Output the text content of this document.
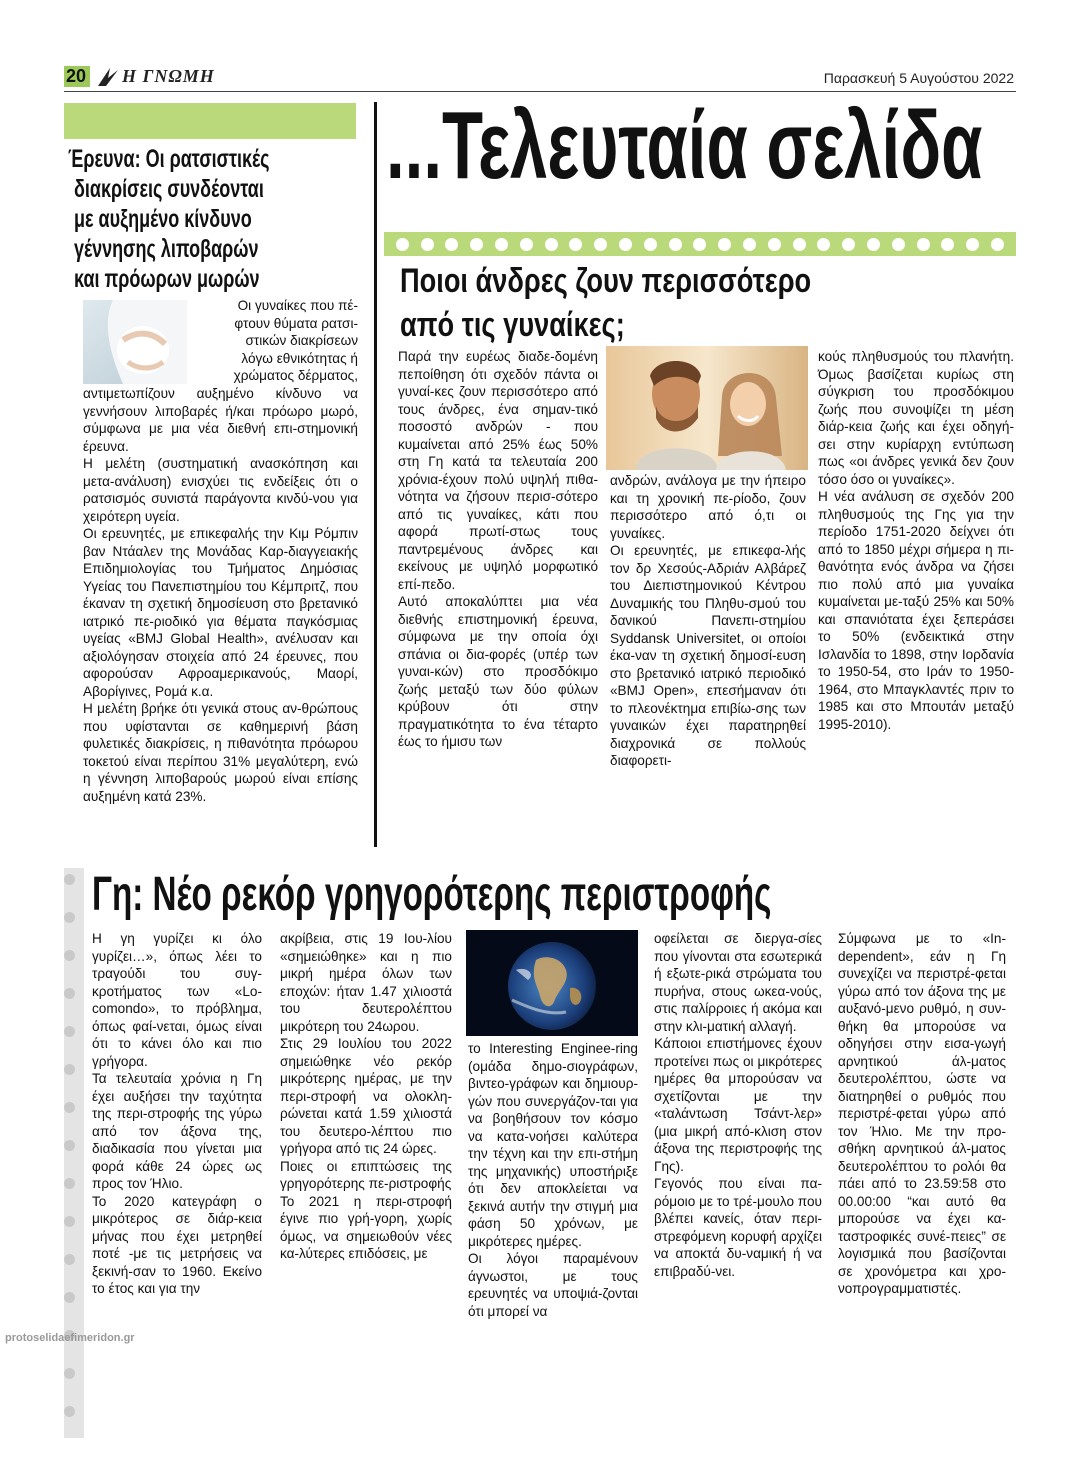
20 Η ΓΝΩΜΗ	Παρασκευή 5 Αυγούστου 2022
Έρευνα: Οι ρατσιστικές
διακρίσεις συνδέονται
με αυξημένο κίνδυνο
γέννησης λιποβαρών
και πρόωρων μωρών

Οι γυναίκες που πέ-

φτουν θύματα ρατσι-

στικών διακρίσεων

λόγω εθνικότητας ή

χρώματος δέρματος,

αντιμετωπίζουν αυξημένο κίνδυνο να γεννήσουν λιποβαρές ή/και πρόωρο μωρό, σύμφωνα με μια νέα διεθνή επι-στημονική έρευνα.

Η μελέτη (συστηματική ανασκόπηση και μετα-ανάλυση) ενισχύει τις ενδείξεις ότι ο ρατσισμός συνιστά παράγοντα κινδύ-νου για χειρότερη υγεία.

Οι ερευνητές, με επικεφαλής την Κιμ Ρόμπιν βαν Ντάαλεν της Μονάδας Καρ-διαγγειακής Επιδημιολογίας του Τμήματος Δημόσιας Υγείας του Πανεπιστημίου του Κέμπριτζ, που έκαναν τη σχετική δημοσίευση στο βρετανικό ιατρικό πε-ριοδικό για θέματα παγκόσμιας υγείας «BMJ Global Health», ανέλυσαν και αξιολόγησαν στοιχεία από 24 έρευνες, που αφορούσαν Αφροαμερικανούς, Μαορί, Αβορίγινες, Ρομά κ.α.

Η μελέτη βρήκε ότι γενικά στους αν-θρώπους που υφίστανται σε καθημερινή βάση φυλετικές διακρίσεις, η πιθανότητα πρόωρου τοκετού είναι περίπου 31% μεγαλύτερη, ενώ η γέννηση λιποβαρούς μωρού είναι επίσης αυξημένη κατά 23%.

...Τελευταία σελίδα
Ποιοι άνδρες ζουν περισσότερο
από τις γυναίκες;

Παρά την ευρέως διαδε-δομένη πεποίθηση ότι σχεδόν πάντα οι γυναί-κες ζουν περισσότερο από τους άνδρες, ένα σημαν-τικό ποσοστό ανδρών - που κυμαίνεται από 25% έως 50% στη Γη κατά τα τελευταία 200 χρόνια-έχουν πολύ υψηλή πιθα-νότητα να ζήσουν περισ-σότερο από τις γυναίκες, κάτι που αφορά πρωτί-στως τους παντρεμένους άνδρες και εκείνους με υψηλό μορφωτικό επί-πεδο.

Αυτό αποκαλύπτει μια νέα διεθνής επιστημονική έρευνα, σύμφωνα με την οποία όχι σπάνια οι δια-φορές (υπέρ των γυναι-κών) στο προσδόκιμο ζωής μεταξύ των δύο φύλων κρύβουν ότι στην πραγματικότητα το ένα τέταρτο έως το ήμισυ των

ανδρών, ανάλογα με την ήπειρο και τη χρονική πε-ρίοδο, ζουν περισσότερο από ό,τι οι γυναίκες.

Οι ερευνητές, με επικεφα-λής τον δρ Χεσούς-Αδριάν Αλβάρεζ του Διεπιστημονικού Κέντρου Δυναμικής του Πληθυ-σμού του δανικού Πανεπι-στημίου Syddansk Universitet, οι οποίοι έκα-ναν τη σχετική δημοσί-ευση στο βρετανικό ιατρικό περιοδικό «BMJ Open», επεσήμαναν ότι το πλεονέκτημα επιβίω-σης των γυναικών έχει παρατηρηθεί διαχρονικά σε πολλούς διαφορετι-

κούς πληθυσμούς του πλανήτη. Όμως βασίζεται κυρίως στη σύγκριση του προσδόκιμου ζωής που συνοψίζει τη μέση διάρ-κεια ζωής και έχει οδηγή-σει στην κυρίαρχη εντύπωση πως «οι άνδρες γενικά δεν ζουν τόσο όσο οι γυναίκες».

Η νέα ανάλυση σε σχεδόν 200 πληθυσμούς της Γης για την περίοδο 1751-2020 δείχνει ότι από το 1850 μέχρι σήμερα η πι-θανότητα ενός άνδρα να ζήσει πιο πολύ από μια γυναίκα κυμαίνεται με-ταξύ 25% και 50% και σπανιότατα έχει ξεπεράσει το 50% (ενδεικτικά στην Ισλανδία το 1898, στην Ιορδανία το 1950-54, στο Ιράν το 1950-1964, στο Μπαγκλαντές πριν το 1985 και στο Μπουτάν μεταξύ 1995-2010).

Γη: Νέο ρεκόρ γρηγορότερης περιστροφής

Η γη γυρίζει κι όλο γυρίζει…», όπως λέει το τραγούδι του συγ-κροτήματος των «Lo-comondo», το πρόβλημα, όπως φαί-νεται, όμως είναι ότι το κάνει όλο και πιο γρήγορα.

Τα τελευταία χρόνια η Γη έχει αυξήσει την ταχύτητα της περι-στροφής της γύρω από τον άξονα της, διαδικασία που γίνεται μια φορά κάθε 24 ώρες ως προς τον Ήλιο.

Το 2020 κατεγράφη ο μικρότερος σε διάρ-κεια μήνας που έχει μετρηθεί ποτέ -με τις μετρήσεις να ξεκινή-σαν το 1960. Εκείνο το έτος και για την

ακρίβεια, στις 19 Ιου-λίου «σημειώθηκε» και η πιο μικρή ημέρα όλων των εποχών: ήταν 1.47 χιλιοστά του δευτερολέπτου μικρότερη του 24ωρου.

Στις 29 Ιουλίου του 2022 σημειώθηκε νέο ρεκόρ μικρότερης ημέρας, με την περι-στροφή να ολοκλη-ρώνεται κατά 1.59 χιλιοστά του δευτερο-λέπτου πιο γρήγορα από τις 24 ώρες.

Ποιες οι επιπτώσεις της γρηγορότερης πε-ριστροφής

Το 2021 η περι-στροφή έγινε πιο γρή-γορη, χωρίς όμως, να σημειωθούν νέες κα-λύτερες επιδόσεις, με

το Interesting Enginee-ring (ομάδα δημο-σιογράφων, βιντεο-γράφων και δημιουρ-γών που συνεργάζον-ται για να βοηθήσουν τον κόσμο να κατα-νοήσει καλύτερα την τέχνη και την επι-στήμη της μηχανικής) υποστήριξε ότι δεν αποκλείεται να ξεκινά αυτήν την στιγμή μια φάση 50 χρόνων, με μικρότερες ημέρες.

Οι λόγοι παραμένουν άγνωστοι, με τους ερευνητές να υποψιά-ζονται ότι μπορεί να

οφείλεται σε διεργα-σίες που γίνονται στα εσωτερικά ή εξωτε-ρικά στρώματα του πυρήνα, στους ωκεα-νούς, στις παλίρροιες ή ακόμα και στην κλι-ματική αλλαγή.

Κάποιοι επιστήμονες έχουν προτείνει πως οι μικρότερες ημέρες θα μπορούσαν να σχετίζονται με την «ταλάντωση Τσάντ-λερ» (μια μικρή από-κλιση στον άξονα της περιστροφής της Γης).

Γεγονός που είναι πα-ρόμοιο με το τρέ-μουλο που βλέπει κανείς, όταν περι-στρεφόμενη κορυφή αρχίζει να αποκτά δυ-ναμική ή να επιβραδύ-νει.

Σύμφωνα με το «In-dependent», εάν η Γη συνεχίζει να περιστρέ-φεται γύρω από τον άξονα της με αυξανό-μενο ρυθμό, η συν-θήκη θα μπορούσε να οδηγήσει στην εισα-γωγή αρνητικού άλ-ματος δευτερολέπτου, ώστε να διατηρηθεί ο ρυθμός που περιστρέ-φεται γύρω από τον Ήλιο. Με την προ-σθήκη αρνητικού άλ-ματος δευτερολέπτου το ρολόι θα πάει από το 23.59:58 στο 00.00:00 “και αυτό θα μπορούσε να έχει κα-ταστροφικές συνέ-πειες” σε λογισμικά που βασίζονται σε χρονόμετρα και χρο-νοπρογραμματιστές.

protoselidaefimeridon.gr
